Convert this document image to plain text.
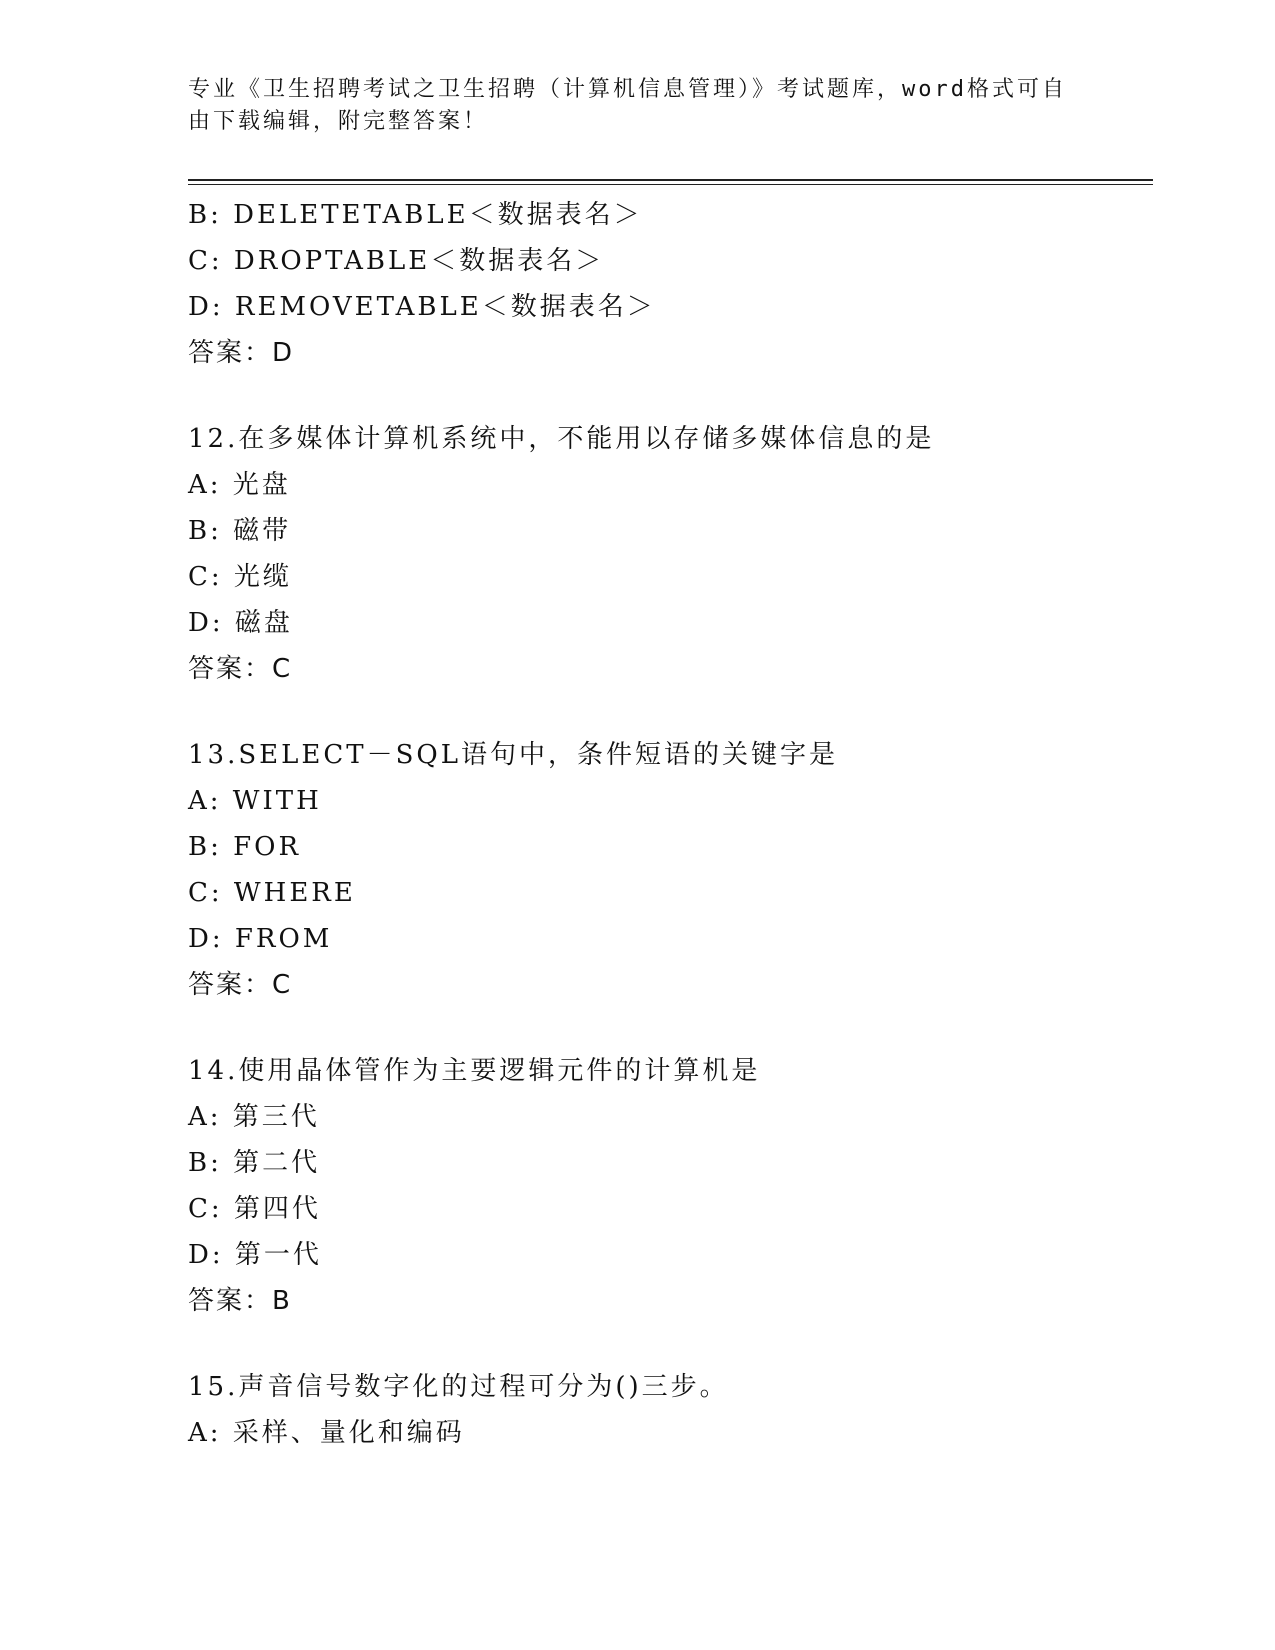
专业《卫生招聘考试之卫生招聘（计算机信息管理）》考试题库，word格式可自由下载编辑，附完整答案！
B: DELETETABLE＜数据表名＞
C: DROPTABLE＜数据表名＞
D: REMOVETABLE＜数据表名＞
答案：D
12.在多媒体计算机系统中，不能用以存储多媒体信息的是
A: 光盘
B: 磁带
C: 光缆
D: 磁盘
答案：C
13.SELECT－SQL语句中，条件短语的关键字是
A: WITH
B: FOR
C: WHERE
D: FROM
答案：C
14.使用晶体管作为主要逻辑元件的计算机是
A: 第三代
B: 第二代
C: 第四代
D: 第一代
答案：B
15.声音信号数字化的过程可分为()三步。
A: 采样、量化和编码
